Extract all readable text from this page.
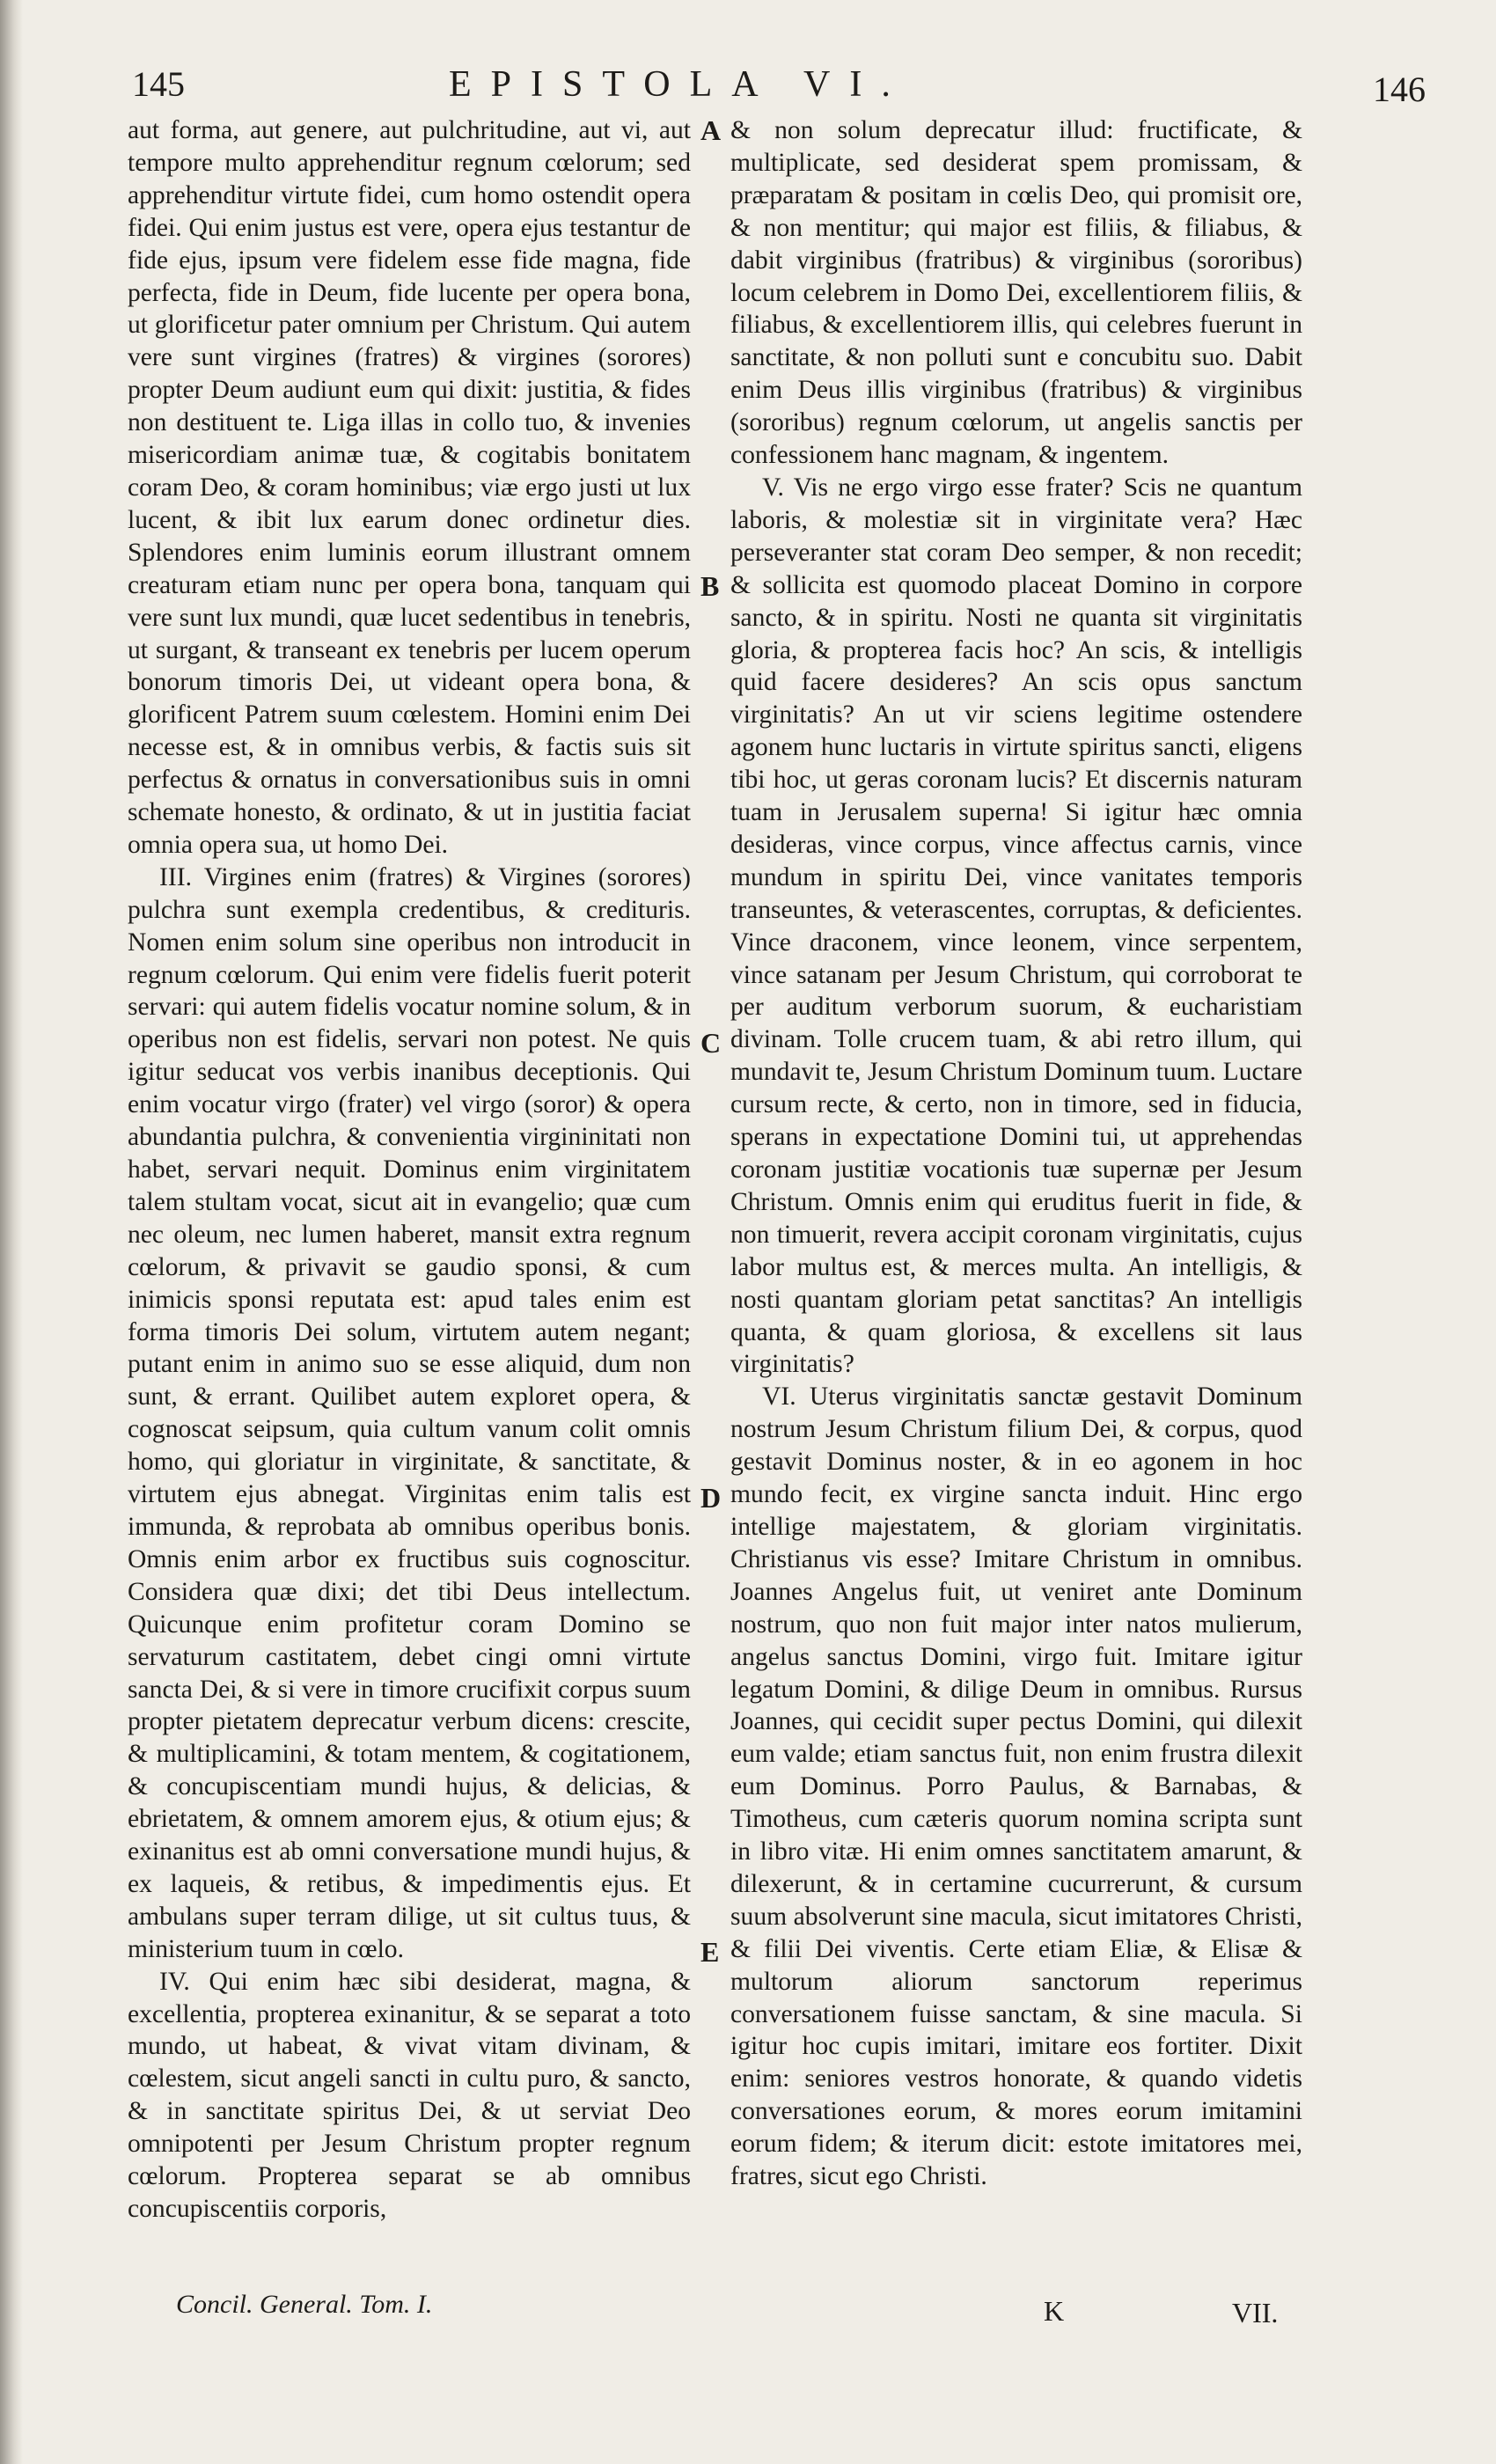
145	EPISTOLA VI.	146

aut forma, aut genere, aut pulchritudine, aut vi, aut tempore multo apprehenditur regnum cœlorum; sed apprehenditur virtute fidei, cum homo ostendit opera fidei. Qui enim justus est vere, opera ejus testantur de fide ejus, ipsum vere fidelem esse fide magna, fide perfecta, fide in Deum, fide lucente per opera bona, ut glorificetur pater omnium per Christum. Qui autem vere sunt virgines (fratres) & virgines (sorores) propter Deum audiunt eum qui dixit: justitia, & fides non destituent te. Liga illas in collo tuo, & invenies misericordiam animæ tuæ, & cogitabis bonitatem coram Deo, & coram hominibus; viæ ergo justi ut lux lucent, & ibit lux earum donec ordinetur dies. Splendores enim luminis eorum illustrant omnem creaturam etiam nunc per opera bona, tanquam qui vere sunt lux mundi, quæ lucet sedentibus in tenebris, ut surgant, & transeant ex tenebris per lucem operum bonorum timoris Dei, ut videant opera bona, & glorificent Patrem suum cœlestem. Homini enim Dei necesse est, & in omnibus verbis, & factis suis sit perfectus & ornatus in conversationibus suis in omni schemate honesto, & ordinato, & ut in justitia faciat omnia opera sua, ut homo Dei.

III. Virgines enim (fratres) & Virgines (sorores) pulchra sunt exempla credentibus, & credituris. Nomen enim solum sine operibus non introducit in regnum cœlorum. Qui enim vere fidelis fuerit poterit servari: qui autem fidelis vocatur nomine solum, & in operibus non est fidelis, servari non potest. Ne quis igitur seducat vos verbis inanibus deceptionis. Qui enim vocatur virgo (frater) vel virgo (soror) & opera abundantia pulchra, & convenientia virgininitati non habet, servari nequit. Dominus enim virginitatem talem stultam vocat, sicut ait in evangelio; quæ cum nec oleum, nec lumen haberet, mansit extra regnum cœlorum, & privavit se gaudio sponsi, & cum inimicis sponsi reputata est: apud tales enim est forma timoris Dei solum, virtutem autem negant; putant enim in animo suo se esse aliquid, dum non sunt, & errant. Quilibet autem exploret opera, & cognoscat seipsum, quia cultum vanum colit omnis homo, qui gloriatur in virginitate, & sanctitate, & virtutem ejus abnegat. Virginitas enim talis est immunda, & reprobata ab omnibus operibus bonis. Omnis enim arbor ex fructibus suis cognoscitur. Considera quæ dixi; det tibi Deus intellectum. Quicunque enim profitetur coram Domino se servaturum castitatem, debet cingi omni virtute sancta Dei, & si vere in timore crucifixit corpus suum propter pietatem deprecatur verbum dicens: crescite, & multiplicamini, & totam mentem, & cogitationem, & concupiscentiam mundi hujus, & delicias, & ebrietatem, & omnem amorem ejus, & otium ejus; & exinanitus est ab omni conversatione mundi hujus, & ex laqueis, & retibus, & impedimentis ejus. Et ambulans super terram dilige, ut sit cultus tuus, & ministerium tuum in cœlo.

IV. Qui enim hæc sibi desiderat, magna, & excellentia, propterea exinanitur, & se separat a toto mundo, ut habeat, & vivat vitam divinam, & cœlestem, sicut angeli sancti in cultu puro, & sancto, & in sanctitate spiritus Dei, & ut serviat Deo omnipotenti per Jesum Christum propter regnum cœlorum. Propterea separat se ab omnibus concupiscentiis corporis,

A
B
C
D
E

& non solum deprecatur illud: fructificate, & multiplicate, sed desiderat spem promissam, & præparatam & positam in cœlis Deo, qui promisit ore, & non mentitur; qui major est filiis, & filiabus, & dabit virginibus (fratribus) & virginibus (sororibus) locum celebrem in Domo Dei, excellentiorem filiis, & filiabus, & excellentiorem illis, qui celebres fuerunt in sanctitate, & non polluti sunt e concubitu suo. Dabit enim Deus illis virginibus (fratribus) & virginibus (sororibus) regnum cœlorum, ut angelis sanctis per confessionem hanc magnam, & ingentem.

V. Vis ne ergo virgo esse frater? Scis ne quantum laboris, & molestiæ sit in virginitate vera? Hæc perseveranter stat coram Deo semper, & non recedit; & sollicita est quomodo placeat Domino in corpore sancto, & in spiritu. Nosti ne quanta sit virginitatis gloria, & propterea facis hoc? An scis, & intelligis quid facere desideres? An scis opus sanctum virginitatis? An ut vir sciens legitime ostendere agonem hunc luctaris in virtute spiritus sancti, eligens tibi hoc, ut geras coronam lucis? Et discernis naturam tuam in Jerusalem superna! Si igitur hæc omnia desideras, vince corpus, vince affectus carnis, vince mundum in spiritu Dei, vince vanitates temporis transeuntes, & veterascentes, corruptas, & deficientes. Vince draconem, vince leonem, vince serpentem, vince satanam per Jesum Christum, qui corroborat te per auditum verborum suorum, & eucharistiam divinam. Tolle crucem tuam, & abi retro illum, qui mundavit te, Jesum Christum Dominum tuum. Luctare cursum recte, & certo, non in timore, sed in fiducia, sperans in expectatione Domini tui, ut apprehendas coronam justitiæ vocationis tuæ supernæ per Jesum Christum. Omnis enim qui eruditus fuerit in fide, & non timuerit, revera accipit coronam virginitatis, cujus labor multus est, & merces multa. An intelligis, & nosti quantam gloriam petat sanctitas? An intelligis quanta, & quam gloriosa, & excellens sit laus virginitatis?

VI. Uterus virginitatis sanctæ gestavit Dominum nostrum Jesum Christum filium Dei, & corpus, quod gestavit Dominus noster, & in eo agonem in hoc mundo fecit, ex virgine sancta induit. Hinc ergo intellige majestatem, & gloriam virginitatis. Christianus vis esse? Imitare Christum in omnibus. Joannes Angelus fuit, ut veniret ante Dominum nostrum, quo non fuit major inter natos mulierum, angelus sanctus Domini, virgo fuit. Imitare igitur legatum Domini, & dilige Deum in omnibus. Rursus Joannes, qui cecidit super pectus Domini, qui dilexit eum valde; etiam sanctus fuit, non enim frustra dilexit eum Dominus. Porro Paulus, & Barnabas, & Timotheus, cum cæteris quorum nomina scripta sunt in libro vitæ. Hi enim omnes sanctitatem amarunt, & dilexerunt, & in certamine cucurrerunt, & cursum suum absolverunt sine macula, sicut imitatores Christi, & filii Dei viventis. Certe etiam Eliæ, & Elisæ & multorum aliorum sanctorum reperimus conversationem fuisse sanctam, & sine macula. Si igitur hoc cupis imitari, imitare eos fortiter. Dixit enim: seniores vestros honorate, & quando videtis conversationes eorum, & mores eorum imitamini eorum fidem; & iterum dicit: estote imitatores mei, fratres, sicut ego Christi.

Concil. General. Tom. I.	K	VII.
